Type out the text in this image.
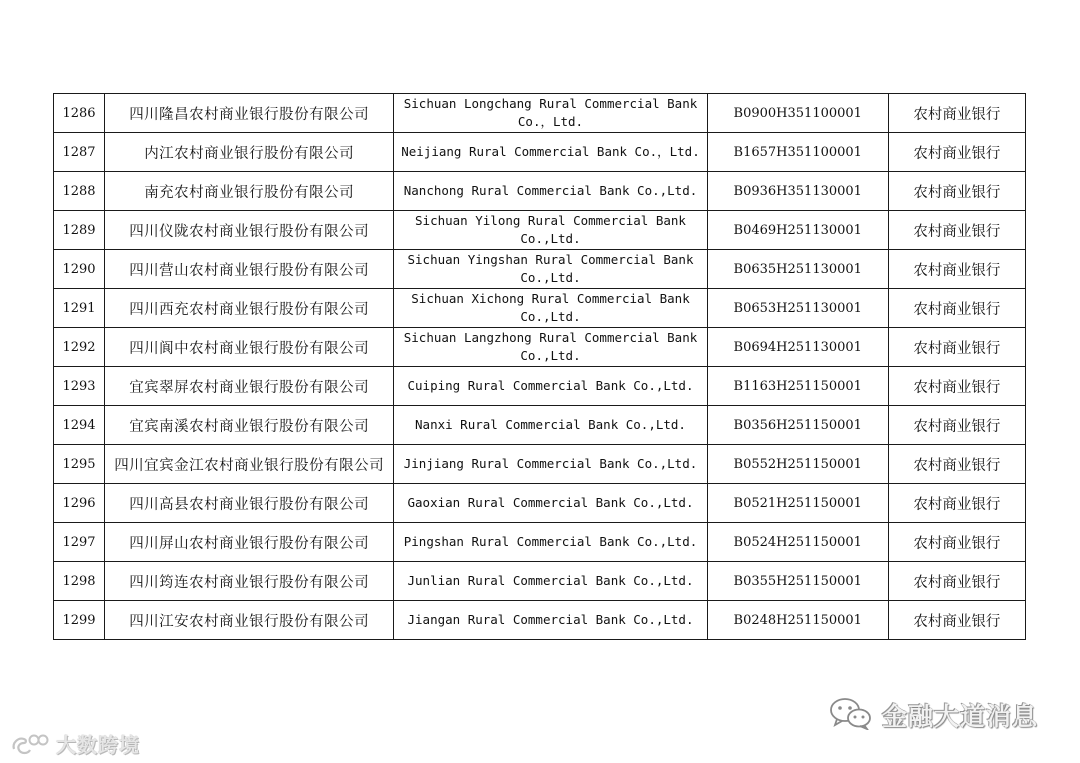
1286	四川隆昌农村商业银行股份有限公司	Sichuan Longchang Rural Commercial Bank Co.，Ltd.	B0900H351100001	农村商业银行
1287	内江农村商业银行股份有限公司	Neijiang Rural Commercial Bank Co.，Ltd.	B1657H351100001	农村商业银行
1288	南充农村商业银行股份有限公司	Nanchong Rural Commercial Bank Co.,Ltd.	B0936H351130001	农村商业银行
1289	四川仪陇农村商业银行股份有限公司	Sichuan Yilong Rural Commercial Bank Co.,Ltd.	B0469H251130001	农村商业银行
1290	四川营山农村商业银行股份有限公司	Sichuan Yingshan Rural Commercial Bank Co.,Ltd.	B0635H251130001	农村商业银行
1291	四川西充农村商业银行股份有限公司	Sichuan Xichong Rural Commercial Bank Co.,Ltd.	B0653H251130001	农村商业银行
1292	四川阆中农村商业银行股份有限公司	Sichuan Langzhong Rural Commercial Bank Co.,Ltd.	B0694H251130001	农村商业银行
1293	宜宾翠屏农村商业银行股份有限公司	Cuiping Rural Commercial Bank Co.,Ltd.	B1163H251150001	农村商业银行
1294	宜宾南溪农村商业银行股份有限公司	Nanxi Rural Commercial Bank Co.,Ltd.	B0356H251150001	农村商业银行
1295	四川宜宾金江农村商业银行股份有限公司	Jinjiang Rural Commercial Bank Co.,Ltd.	B0552H251150001	农村商业银行
1296	四川高县农村商业银行股份有限公司	Gaoxian Rural Commercial Bank Co.,Ltd.	B0521H251150001	农村商业银行
1297	四川屏山农村商业银行股份有限公司	Pingshan Rural Commercial Bank Co.,Ltd.	B0524H251150001	农村商业银行
1298	四川筠连农村商业银行股份有限公司	Junlian Rural Commercial Bank Co.,Ltd.	B0355H251150001	农村商业银行
1299	四川江安农村商业银行股份有限公司	Jiangan Rural Commercial Bank Co.,Ltd.	B0248H251150001	农村商业银行
大数跨境
金融大道消息
